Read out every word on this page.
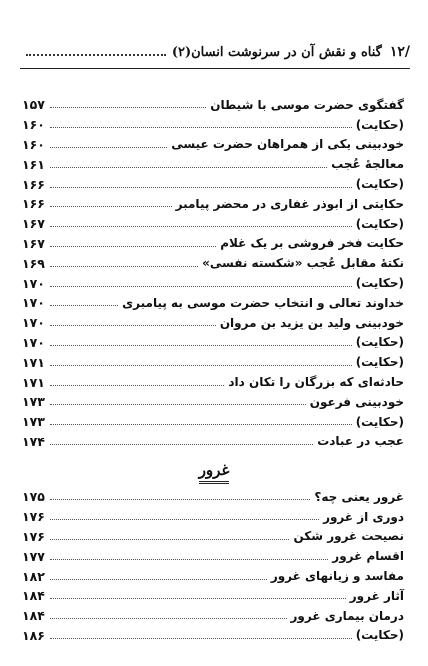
/۱۲
گناه و نقش آن در سرنوشت انسان(۲)
گفتگوی حضرت موسی با شیطان
۱۵۷
(حکایت)
۱۶۰
خودبینی یکی از همراهان حضرت عیسی
۱۶۰
معالجهٔ عُجب
۱۶۱
(حکایت)
۱۶۶
حکایتی از ابوذر غفاری در محضر پیامبر
۱۶۶
(حکایت)
۱۶۷
حکایت فخر فروشی بر یک غلام
۱۶۷
نکتهٔ مقابل عُجب «شکسته نفسی»
۱۶۹
(حکایت)
۱۷۰
خداوند تعالی و انتخاب حضرت موسی به پیامبری
۱۷۰
خودبینی ولید بن یزید بن مروان
۱۷۰
(حکایت)
۱۷۰
(حکایت)
۱۷۱
حادثه‌ای که بزرگان را تکان داد
۱۷۱
خودبینی فرعون
۱۷۳
(حکایت)
۱۷۳
عجب در عبادت
۱۷۴
غرور
غرور یعنی چه؟
۱۷۵
دوری از غرور
۱۷۶
نصیحت غرور شکن
۱۷۶
اقسام غرور
۱۷۷
مفاسد و زیانهای غرور
۱۸۲
آثار غرور
۱۸۴
درمان بیماری غرور
۱۸۴
(حکایت)
۱۸۶
